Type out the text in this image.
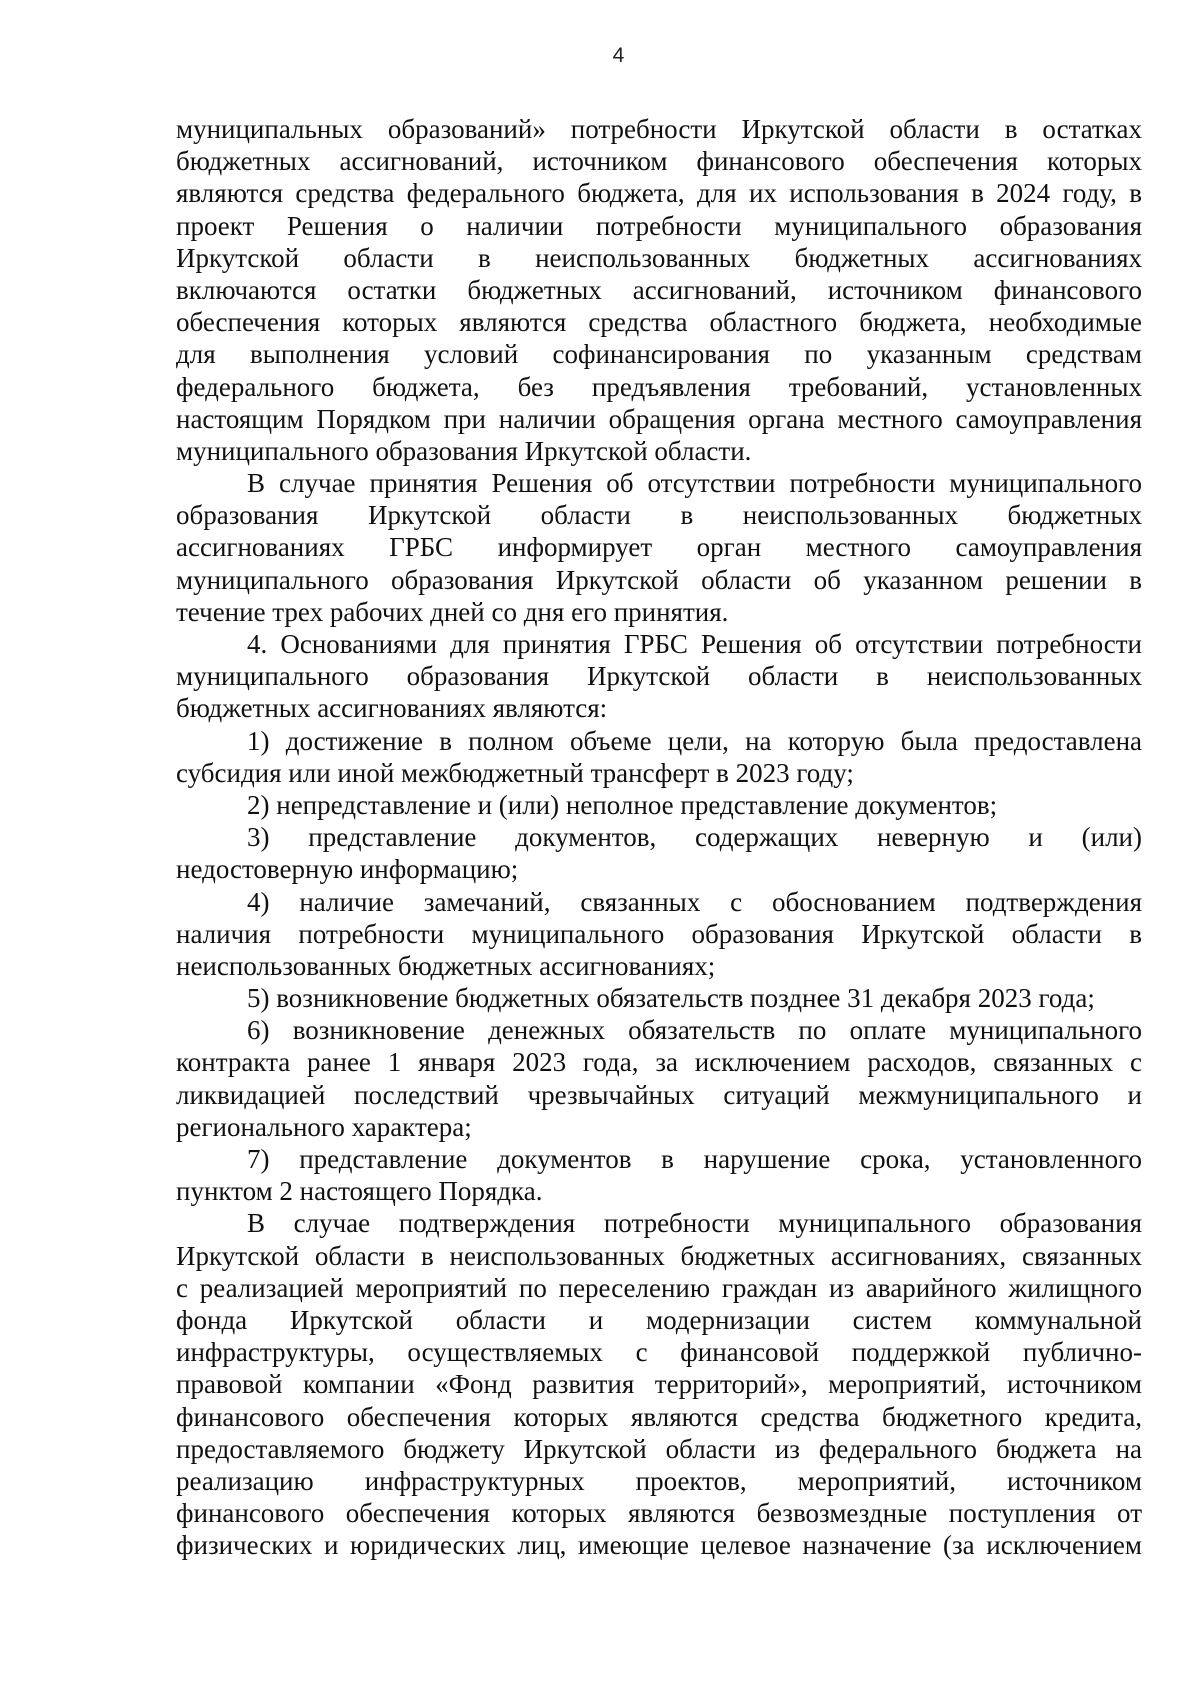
4
муниципальных образований» потребности Иркутской области в остатках
бюджетных ассигнований, источником финансового обеспечения которых
являются средства федерального бюджета, для их использования в 2024 году, в
проект Решения о наличии потребности муниципального образования
Иркутской области в неиспользованных бюджетных ассигнованиях
включаются остатки бюджетных ассигнований, источником финансового
обеспечения которых являются средства областного бюджета, необходимые
для выполнения условий софинансирования по указанным средствам
федерального бюджета, без предъявления требований, установленных
настоящим Порядком при наличии обращения органа местного самоуправления
муниципального образования Иркутской области.
В случае принятия Решения об отсутствии потребности муниципального
образования Иркутской области в неиспользованных бюджетных
ассигнованиях ГРБС информирует орган местного самоуправления
муниципального образования Иркутской области об указанном решении в
течение трех рабочих дней со дня его принятия.
4. Основаниями для принятия ГРБС Решения об отсутствии потребности
муниципального образования Иркутской области в неиспользованных
бюджетных ассигнованиях являются:
1) достижение в полном объеме цели, на которую была предоставлена
субсидия или иной межбюджетный трансферт в 2023 году;
2) непредставление и (или) неполное представление документов;
3) представление документов, содержащих неверную и (или)
недостоверную информацию;
4) наличие замечаний, связанных с обоснованием подтверждения
наличия потребности муниципального образования Иркутской области в
неиспользованных бюджетных ассигнованиях;
5) возникновение бюджетных обязательств позднее 31 декабря 2023 года;
6) возникновение денежных обязательств по оплате муниципального
контракта ранее 1 января 2023 года, за исключением расходов, связанных с
ликвидацией последствий чрезвычайных ситуаций межмуниципального и
регионального характера;
7) представление документов в нарушение срока, установленного
пунктом 2 настоящего Порядка.
В случае подтверждения потребности муниципального образования
Иркутской области в неиспользованных бюджетных ассигнованиях, связанных
с реализацией мероприятий по переселению граждан из аварийного жилищного
фонда Иркутской области и модернизации систем коммунальной
инфраструктуры, осуществляемых с финансовой поддержкой публично-
правовой компании «Фонд развития территорий», мероприятий, источником
финансового обеспечения которых являются средства бюджетного кредита,
предоставляемого бюджету Иркутской области из федерального бюджета на
реализацию инфраструктурных проектов, мероприятий, источником
финансового обеспечения которых являются безвозмездные поступления от
физических и юридических лиц, имеющие целевое назначение (за исключением
